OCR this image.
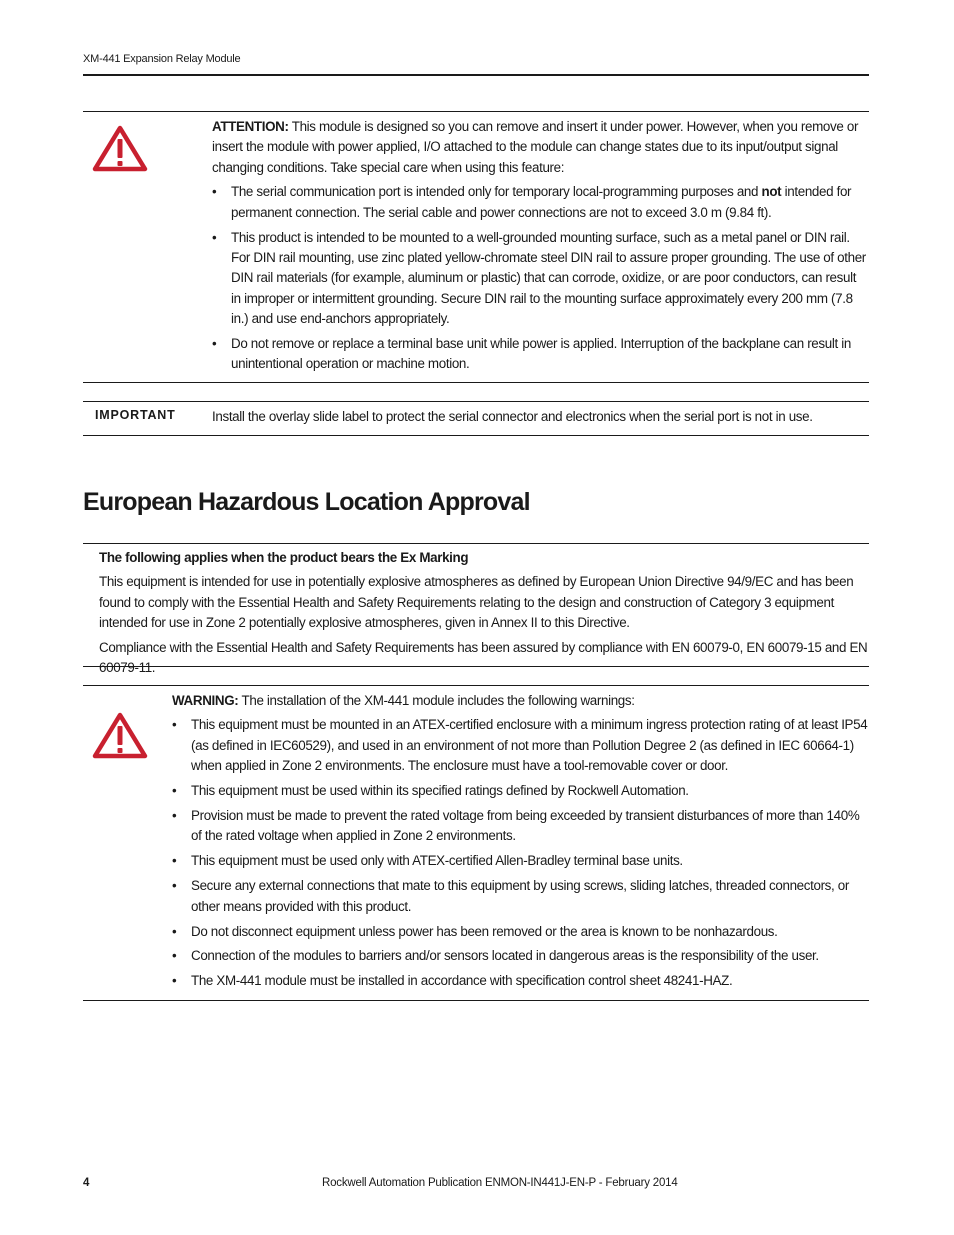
XM-441 Expansion Relay Module

ATTENTION: This module is designed so you can remove and insert it under power. However, when you remove or insert the module with power applied, I/O attached to the module can change states due to its input/output signal changing conditions. Take special care when using this feature:

• The serial communication port is intended only for temporary local-programming purposes and not intended for permanent connection. The serial cable and power connections are not to exceed 3.0 m (9.84 ft).
• This product is intended to be mounted to a well-grounded mounting surface, such as a metal panel or DIN rail. For DIN rail mounting, use zinc plated yellow-chromate steel DIN rail to assure proper grounding. The use of other DIN rail materials (for example, aluminum or plastic) that can corrode, oxidize, or are poor conductors, can result in improper or intermittent grounding. Secure DIN rail to the mounting surface approximately every 200 mm (7.8 in.) and use end-anchors appropriately.
• Do not remove or replace a terminal base unit while power is applied. Interruption of the backplane can result in unintentional operation or machine motion.
IMPORTANT	Install the overlay slide label to protect the serial connector and electronics when the serial port is not in use.
European Hazardous Location Approval

The following applies when the product bears the Ex Marking

This equipment is intended for use in potentially explosive atmospheres as defined by European Union Directive 94/9/EC and has been found to comply with the Essential Health and Safety Requirements relating to the design and construction of Category 3 equipment intended for use in Zone 2 potentially explosive atmospheres, given in Annex II to this Directive.

Compliance with the Essential Health and Safety Requirements has been assured by compliance with EN 60079-0, EN 60079-15 and EN 60079-11.

WARNING: The installation of the XM-441 module includes the following warnings:

• This equipment must be mounted in an ATEX-certified enclosure with a minimum ingress protection rating of at least IP54 (as defined in IEC60529), and used in an environment of not more than Pollution Degree 2 (as defined in IEC 60664-1) when applied in Zone 2 environments. The enclosure must have a tool-removable cover or door.
• This equipment must be used within its specified ratings defined by Rockwell Automation.
• Provision must be made to prevent the rated voltage from being exceeded by transient disturbances of more than 140% of the rated voltage when applied in Zone 2 environments.
• This equipment must be used only with ATEX-certified Allen-Bradley terminal base units.
• Secure any external connections that mate to this equipment by using screws, sliding latches, threaded connectors, or other means provided with this product.
• Do not disconnect equipment unless power has been removed or the area is known to be nonhazardous.
• Connection of the modules to barriers and/or sensors located in dangerous areas is the responsibility of the user.
• The XM-441 module must be installed in accordance with specification control sheet 48241-HAZ.
4	Rockwell Automation Publication ENMON-IN441J-EN-P - February 2014
